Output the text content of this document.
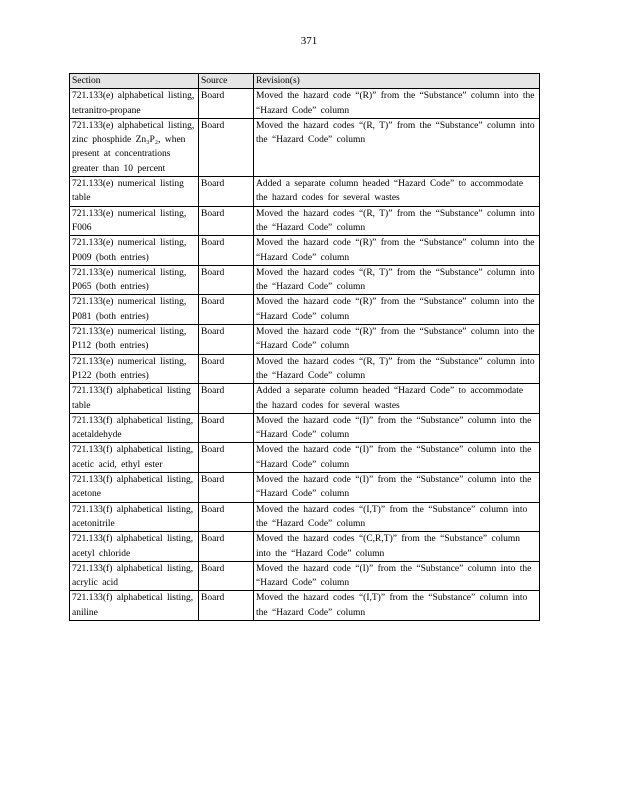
371
Section	Source	Revision(s)
721.133(e) alphabetical listing, tetranitro-propane	Board	Moved the hazard code “(R)” from the “Substance” column into the “Hazard Code” column
721.133(e) alphabetical listing, zinc phosphide Zn₃P₂, when present at concentrations greater than 10 percent	Board	Moved the hazard codes “(R, T)” from the “Substance” column into the “Hazard Code” column
721.133(e) numerical listing table	Board	Added a separate column headed “Hazard Code” to accommodate the hazard codes for several wastes
721.133(e) numerical listing, F006	Board	Moved the hazard codes “(R, T)” from the “Substance” column into the “Hazard Code” column
721.133(e) numerical listing, P009 (both entries)	Board	Moved the hazard code “(R)” from the “Substance” column into the “Hazard Code” column
721.133(e) numerical listing, P065 (both entries)	Board	Moved the hazard codes “(R, T)” from the “Substance” column into the “Hazard Code” column
721.133(e) numerical listing, P081 (both entries)	Board	Moved the hazard code “(R)” from the “Substance” column into the “Hazard Code” column
721.133(e) numerical listing, P112 (both entries)	Board	Moved the hazard code “(R)” from the “Substance” column into the “Hazard Code” column
721.133(e) numerical listing, P122 (both entries)	Board	Moved the hazard codes “(R, T)” from the “Substance” column into the “Hazard Code” column
721.133(f) alphabetical listing table	Board	Added a separate column headed “Hazard Code” to accommodate the hazard codes for several wastes
721.133(f) alphabetical listing, acetaldehyde	Board	Moved the hazard code “(I)” from the “Substance” column into the “Hazard Code” column
721.133(f) alphabetical listing, acetic acid, ethyl ester	Board	Moved the hazard code “(I)” from the “Substance” column into the “Hazard Code” column
721.133(f) alphabetical listing, acetone	Board	Moved the hazard code “(I)” from the “Substance” column into the “Hazard Code” column
721.133(f) alphabetical listing, acetonitrile	Board	Moved the hazard codes “(I,T)” from the “Substance” column into the “Hazard Code” column
721.133(f) alphabetical listing, acetyl chloride	Board	Moved the hazard codes “(C,R,T)” from the “Substance” column into the “Hazard Code” column
721.133(f) alphabetical listing, acrylic acid	Board	Moved the hazard code “(I)” from the “Substance” column into the “Hazard Code” column
721.133(f) alphabetical listing, aniline	Board	Moved the hazard codes “(I,T)” from the “Substance” column into the “Hazard Code” column
